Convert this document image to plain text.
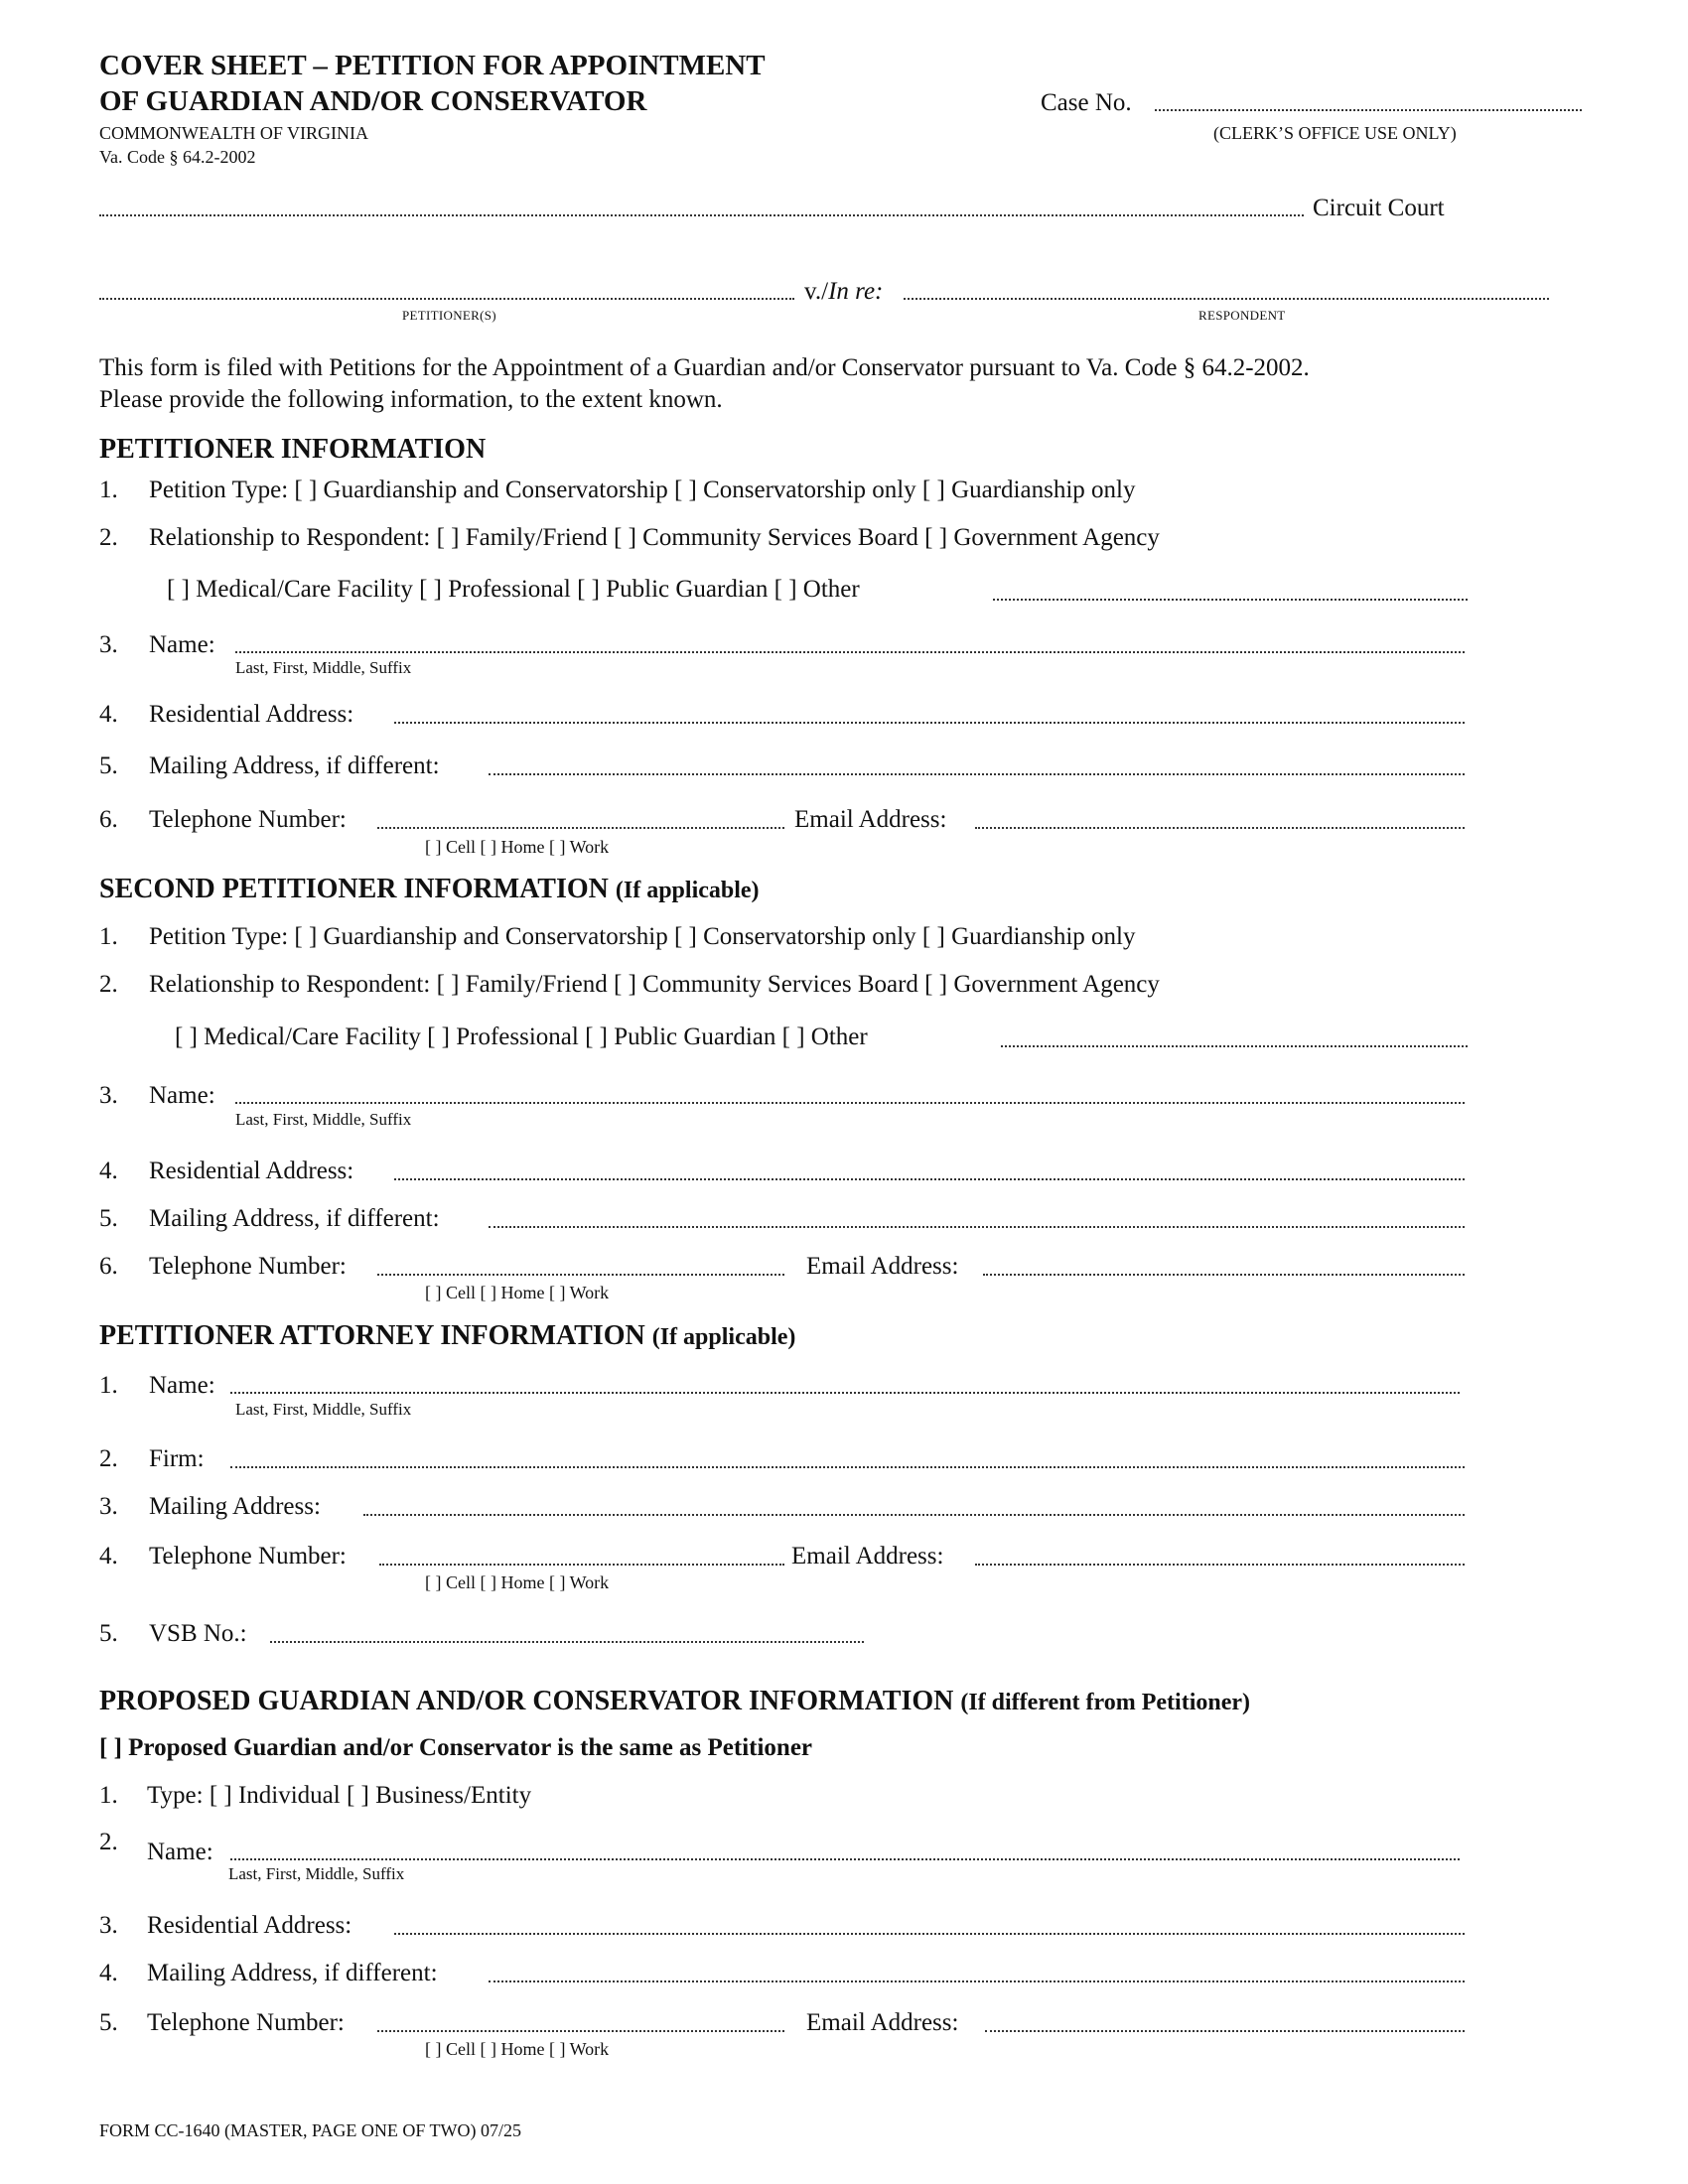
COVER SHEET – PETITION FOR APPOINTMENT
OF GUARDIAN AND/OR CONSERVATOR
COMMONWEALTH OF VIRGINIA
Va. Code § 64.2-2002
Case No.
(CLERK’S OFFICE USE ONLY)
Circuit Court
v./In re:
PETITIONER(S)	RESPONDENT
This form is filed with Petitions for the Appointment of a Guardian and/or Conservator pursuant to Va. Code § 64.2-2002.
Please provide the following information, to the extent known.
PETITIONER INFORMATION
1. Petition Type: [ ] Guardianship and Conservatorship [ ] Conservatorship only [ ] Guardianship only
2. Relationship to Respondent: [ ] Family/Friend [ ] Community Services Board [ ] Government Agency
[ ] Medical/Care Facility [ ] Professional [ ] Public Guardian [ ] Other
3. Name:
Last, First, Middle, Suffix
4. Residential Address:
5. Mailing Address, if different:
6. Telephone Number:	Email Address:
[ ] Cell [ ] Home [ ] Work
SECOND PETITIONER INFORMATION (If applicable)
1. Petition Type: [ ] Guardianship and Conservatorship [ ] Conservatorship only [ ] Guardianship only
2. Relationship to Respondent: [ ] Family/Friend [ ] Community Services Board [ ] Government Agency
[ ] Medical/Care Facility [ ] Professional [ ] Public Guardian [ ] Other
3. Name:
Last, First, Middle, Suffix
4. Residential Address:
5. Mailing Address, if different:
6. Telephone Number:	Email Address:
[ ] Cell [ ] Home [ ] Work
PETITIONER ATTORNEY INFORMATION (If applicable)
1. Name:
Last, First, Middle, Suffix
2. Firm:
3. Mailing Address:
4. Telephone Number:	Email Address:
[ ] Cell [ ] Home [ ] Work
5. VSB No.:
PROPOSED GUARDIAN AND/OR CONSERVATOR INFORMATION (If different from Petitioner)
[ ] Proposed Guardian and/or Conservator is the same as Petitioner
1. Type: [ ] Individual [ ] Business/Entity
2. Name:
Last, First, Middle, Suffix
3. Residential Address:
4. Mailing Address, if different:
5. Telephone Number:	Email Address:
[ ] Cell [ ] Home [ ] Work
FORM CC-1640 (MASTER, PAGE ONE OF TWO) 07/25
